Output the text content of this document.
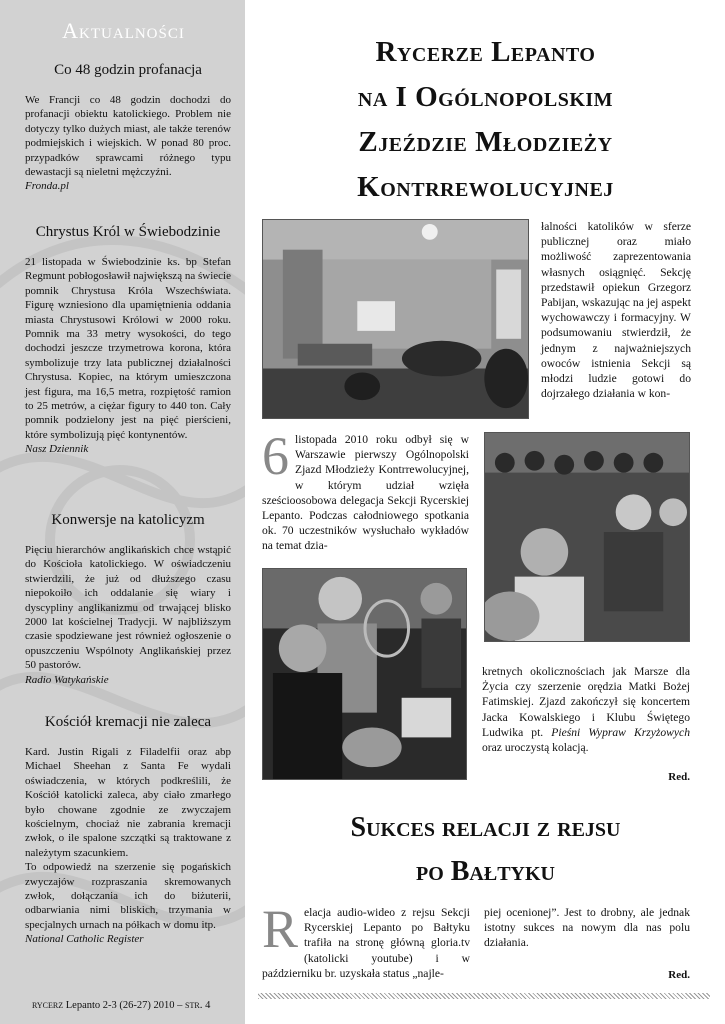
Aktualności
Co 48 godzin profanacja

We Francji co 48 godzin dochodzi do profanacji obiektu katolickiego. Problem nie dotyczy tylko dużych miast, ale także terenów podmiejskich i wiejskich. W ponad 80 proc. przypadków sprawcami różnego typu dewastacji są nieletni mężczyźni.

Fronda.pl
Chrystus Król w Świebodzinie

21 listopada w Świebodzinie ks. bp Stefan Regmunt pobłogosławił największą na świecie pomnik Chrystusa Króla Wszechświata. Figurę wzniesiono dla upamiętnienia oddania miasta Chrystusowi Królowi w 2000 roku. Pomnik ma 33 metry wysokości, do tego dochodzi jeszcze trzymetrowa korona, która symbolizuje trzy lata publicznej działalności Chrystusa. Kopiec, na którym umieszczona jest figura, ma 16,5 metra, rozpiętość ramion to 25 metrów, a ciężar figury to 440 ton. Cały pomnik podzielony jest na pięć pierścieni, które symbolizują pięć kontynentów.

Nasz Dziennik
Konwersje na katolicyzm

Pięciu hierarchów anglikańskich chce wstąpić do Kościoła katolickiego. W oświadczeniu stwierdzili, że już od dłuższego czasu niepokoiło ich oddalanie się wiary i dyscypliny anglikanizmu od trwającej blisko 2000 lat kościelnej Tradycji. W najbliższym czasie spodziewane jest również ogłoszenie o opuszczeniu Wspólnoty Anglikańskiej przez 50 pastorów.

Radio Watykańskie
Kościół kremacji nie zaleca

Kard. Justin Rigali z Filadelfii oraz abp Michael Sheehan z Santa Fe wydali oświadczenia, w których podkreślili, że Kościół katolicki zaleca, aby ciało zmarłego było chowane zgodnie ze zwyczajem kościelnym, chociaż nie zabrania kremacji zwłok, o ile spalone szczątki są traktowane z należytym szacunkiem.

To odpowiedź na szerzenie się pogańskich zwyczajów rozpraszania skremowanych zwłok, dołączania ich do biżuterii, odbarwiania nimi bliskich, trzymania w specjalnych urnach na półkach w domu itp.

National Catholic Register
rycerz Lepanto 2-3 (26-27) 2010 – str. 4
Rycerze Lepanto
na I Ogólnopolskim
Zjeździe Młodzieży
Kontrrewolucyjnej
łalności katolików w sferze publicznej oraz miało możliwość zaprezentowania własnych osiągnięć. Sekcję przedstawił opiekun Grzegorz Pabijan, wskazując na jej aspekt wychowawczy i formacyjny. W podsumowaniu stwierdził, że jednym z najważniejszych owoców istnienia Sekcji są młodzi ludzie gotowi do dojrzałego działania w kon-
6 listopada 2010 roku odbył się w Warszawie pierwszy Ogólnopolski Zjazd Młodzieży Kontrrewolucyjnej, w którym udział wzięła sześcioosobowa delegacja Sekcji Rycerskiej Lepanto. Podczas całodniowego spotkania ok. 70 uczestników wysłuchało wykładów na temat dzia-
kretnych okolicznościach jak Marsze dla Życia czy szerzenie orędzia Matki Bożej Fatimskiej. Zjazd zakończył się koncertem Jacka Kowalskiego i Klubu Świętego Ludwika pt. Pieśni Wypraw Krzyżowych oraz uroczystą kolacją.
Red.
Sukces relacji z rejsu
po Bałtyku
R elacja audio-wideo z rejsu Sekcji Rycerskiej Lepanto po Bałtyku trafiła na stronę główną gloria.tv (katolicki youtube) i w październiku br. uzyskała status „najle-
piej ocenionej”. Jest to drobny, ale jednak istotny sukces na nowym dla nas polu działania.
Red.
